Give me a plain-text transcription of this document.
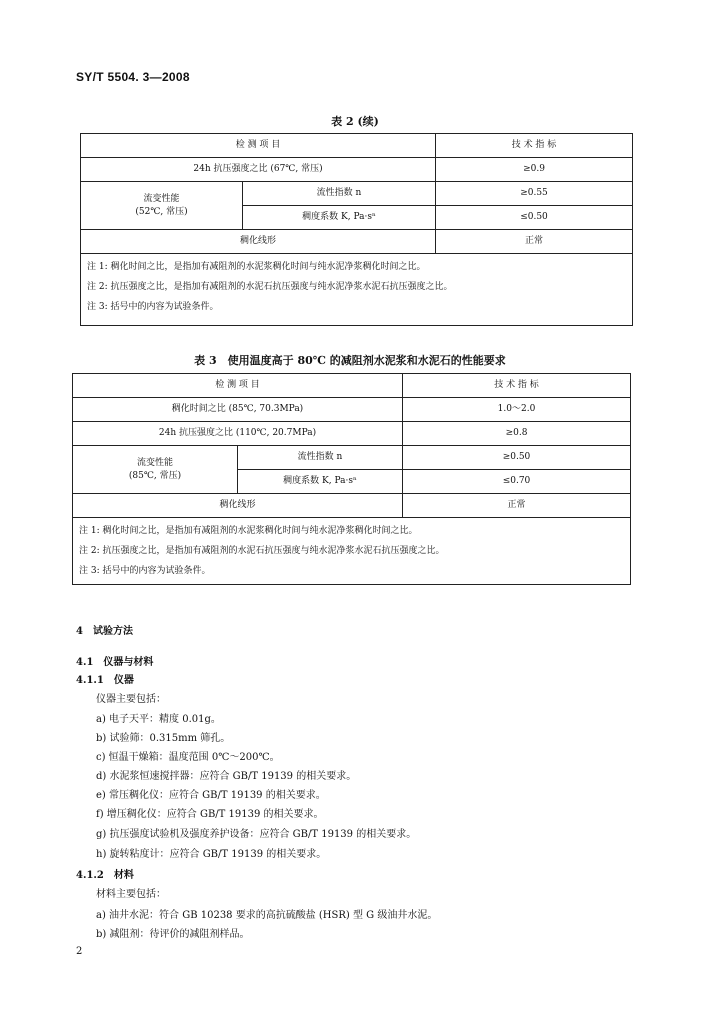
SY/T 5504. 3—2008
表 2 (续)
检 测 项 目		技 术 指 标
24h 抗压强度之比 (67℃, 常压)		≥0.9

流变性能
(52℃, 常压)	流性指数 n	≥0.55
	稠度系数 K, Pa·sⁿ	≤0.50
稠化线形		正常

注 1: 稠化时间之比，是指加有减阻剂的水泥浆稠化时间与纯水泥净浆稠化时间之比。
注 2: 抗压强度之比，是指加有减阻剂的水泥石抗压强度与纯水泥净浆水泥石抗压强度之比。
注 3: 括号中的内容为试验条件。		
表 3　使用温度高于 80℃ 的减阻剂水泥浆和水泥石的性能要求
检 测 项 目		技 术 指 标
稠化时间之比 (85℃, 70.3MPa)		1.0～2.0
24h 抗压强度之比 (110℃, 20.7MPa)		≥0.8

流变性能
(85℃, 常压)	流性指数 n	≥0.50
	稠度系数 K, Pa·sⁿ	≤0.70
稠化线形		正常

注 1: 稠化时间之比，是指加有减阻剂的水泥浆稠化时间与纯水泥净浆稠化时间之比。
注 2: 抗压强度之比，是指加有减阻剂的水泥石抗压强度与纯水泥净浆水泥石抗压强度之比。
注 3: 括号中的内容为试验条件。		
4　试验方法
4.1　仪器与材料
4.1.1　仪器
仪器主要包括：
a) 电子天平：精度 0.01g。
b) 试验筛：0.315mm 筛孔。
c) 恒温干燥箱：温度范围 0℃～200℃。
d) 水泥浆恒速搅拌器：应符合 GB/T 19139 的相关要求。
e) 常压稠化仪：应符合 GB/T 19139 的相关要求。
f) 增压稠化仪：应符合 GB/T 19139 的相关要求。
g) 抗压强度试验机及强度养护设备：应符合 GB/T 19139 的相关要求。
h) 旋转粘度计：应符合 GB/T 19139 的相关要求。
4.1.2　材料
材料主要包括：
a) 油井水泥：符合 GB 10238 要求的高抗硫酸盐 (HSR) 型 G 级油井水泥。
b) 减阻剂：待评价的减阻剂样品。
2
